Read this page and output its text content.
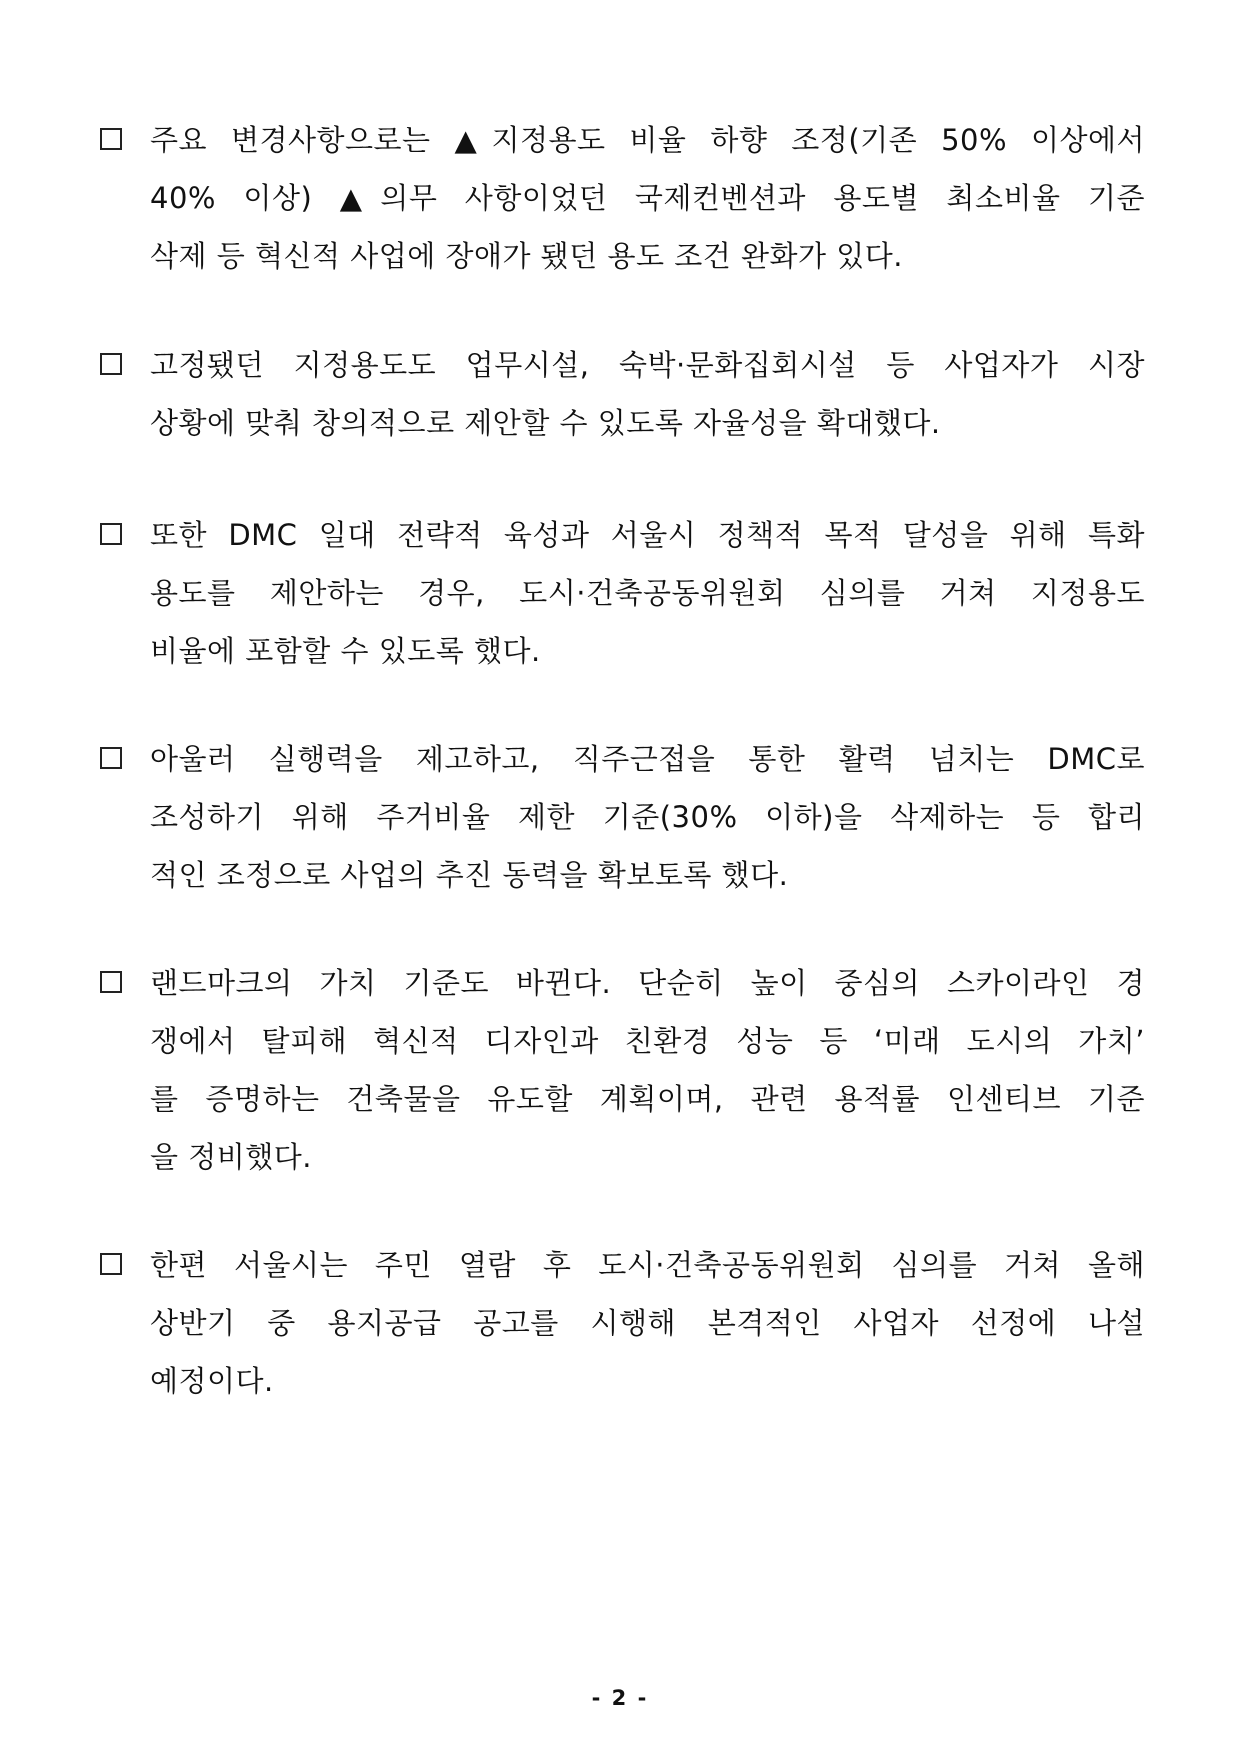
주요 변경사항으로는 ▲지정용도 비율 하향 조정(기존 50% 이상에서
40% 이상) ▲의무 사항이었던 국제컨벤션과 용도별 최소비율 기준
삭제 등 혁신적 사업에 장애가 됐던 용도 조건 완화가 있다.
고정됐던 지정용도도 업무시설, 숙박·문화집회시설 등 사업자가 시장
상황에 맞춰 창의적으로 제안할 수 있도록 자율성을 확대했다.
또한 DMC 일대 전략적 육성과 서울시 정책적 목적 달성을 위해 특화
용도를 제안하는 경우, 도시·건축공동위원회 심의를 거쳐 지정용도
비율에 포함할 수 있도록 했다.
아울러 실행력을 제고하고, 직주근접을 통한 활력 넘치는 DMC로
조성하기 위해 주거비율 제한 기준(30% 이하)을 삭제하는 등 합리
적인 조정으로 사업의 추진 동력을 확보토록 했다.
랜드마크의 가치 기준도 바뀐다. 단순히 높이 중심의 스카이라인 경
쟁에서 탈피해 혁신적 디자인과 친환경 성능 등 ‘미래 도시의 가치’
를 증명하는 건축물을 유도할 계획이며, 관련 용적률 인센티브 기준
을 정비했다.
한편 서울시는 주민 열람 후 도시·건축공동위원회 심의를 거쳐 올해
상반기 중 용지공급 공고를 시행해 본격적인 사업자 선정에 나설
예정이다.
- 2 -
